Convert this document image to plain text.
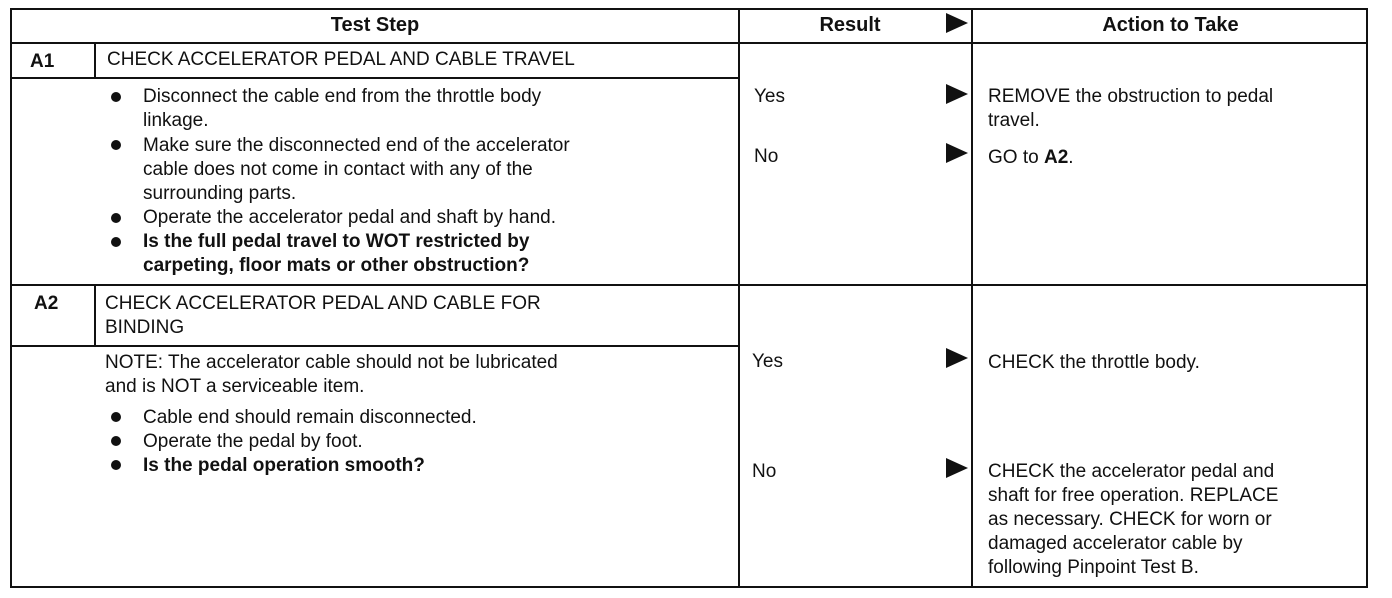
Test Step	Result	Action to Take
A1	CHECK ACCELERATOR PEDAL AND CABLE TRAVEL
Disconnect the cable end from the throttle body
linkage.
Make sure the disconnected end of the accelerator
cable does not come in contact with any of the
surrounding parts.
Operate the accelerator pedal and shaft by hand.
Is the full pedal travel to WOT restricted by
carpeting, floor mats or other obstruction?
Yes	REMOVE the obstruction to pedal
travel.
No	GO to A2.
A2 CHECK ACCELERATOR PEDAL AND CABLE FOR
BINDING
NOTE: The accelerator cable should not be lubricated
and is NOT a serviceable item.
Cable end should remain disconnected.
Operate the pedal by foot.
Is the pedal operation smooth?
Yes	CHECK the throttle body.
No	CHECK the accelerator pedal and
shaft for free operation. REPLACE
as necessary. CHECK for worn or
damaged accelerator cable by
following Pinpoint Test B.
